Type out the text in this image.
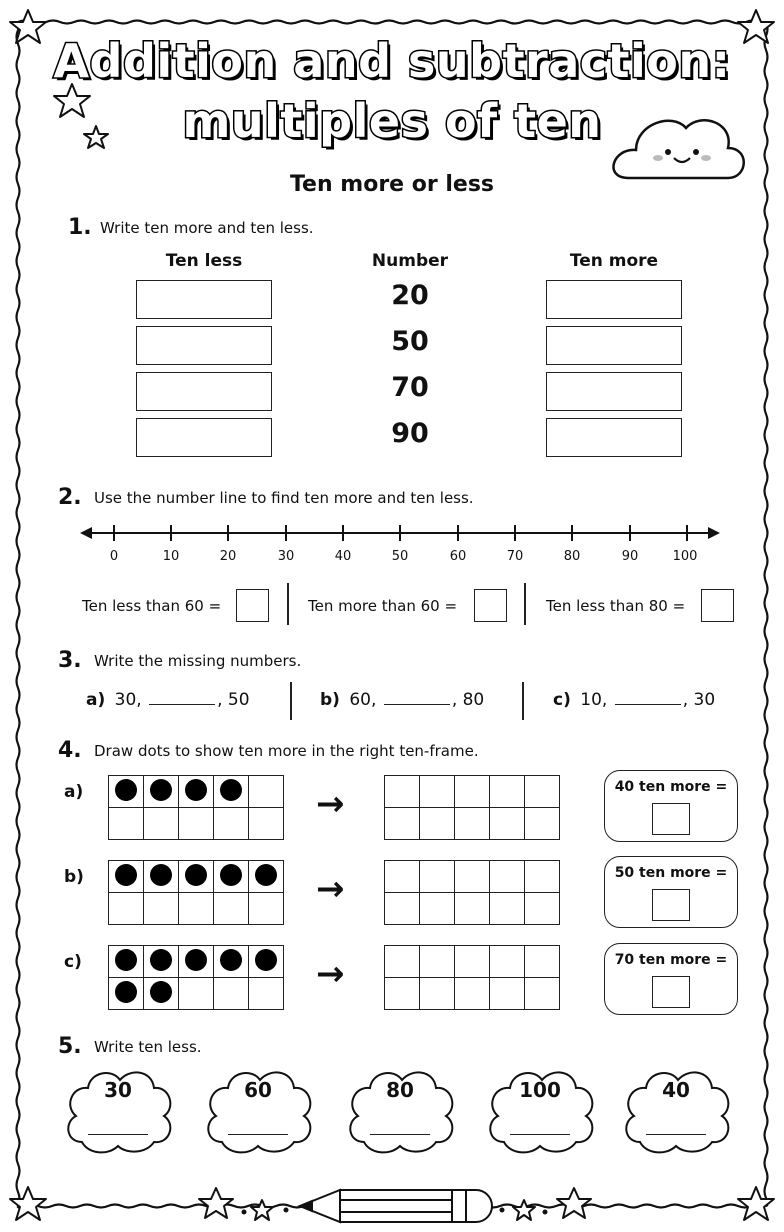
Addition and subtraction:
multiples of ten
Ten more or less
1. Write ten more and ten less.
Ten less	Number	Ten more
20
50
70
90
2. Use the number line to find ten more and ten less.
0	10	20	30	40	50	60	70	80	90	100
Ten less than 60 =	Ten more than 60 =	Ten less than 80 =
3. Write the missing numbers.
a) 30,	, 50	b) 60,	, 80	c) 10,	, 30
4. Draw dots to show ten more in the right ten-frame.
a)

					→

					40 ten more =
b)

					→

					50 ten more =
c)

					→

					70 ten more =
5. Write ten less.
30	60	80	100	40
